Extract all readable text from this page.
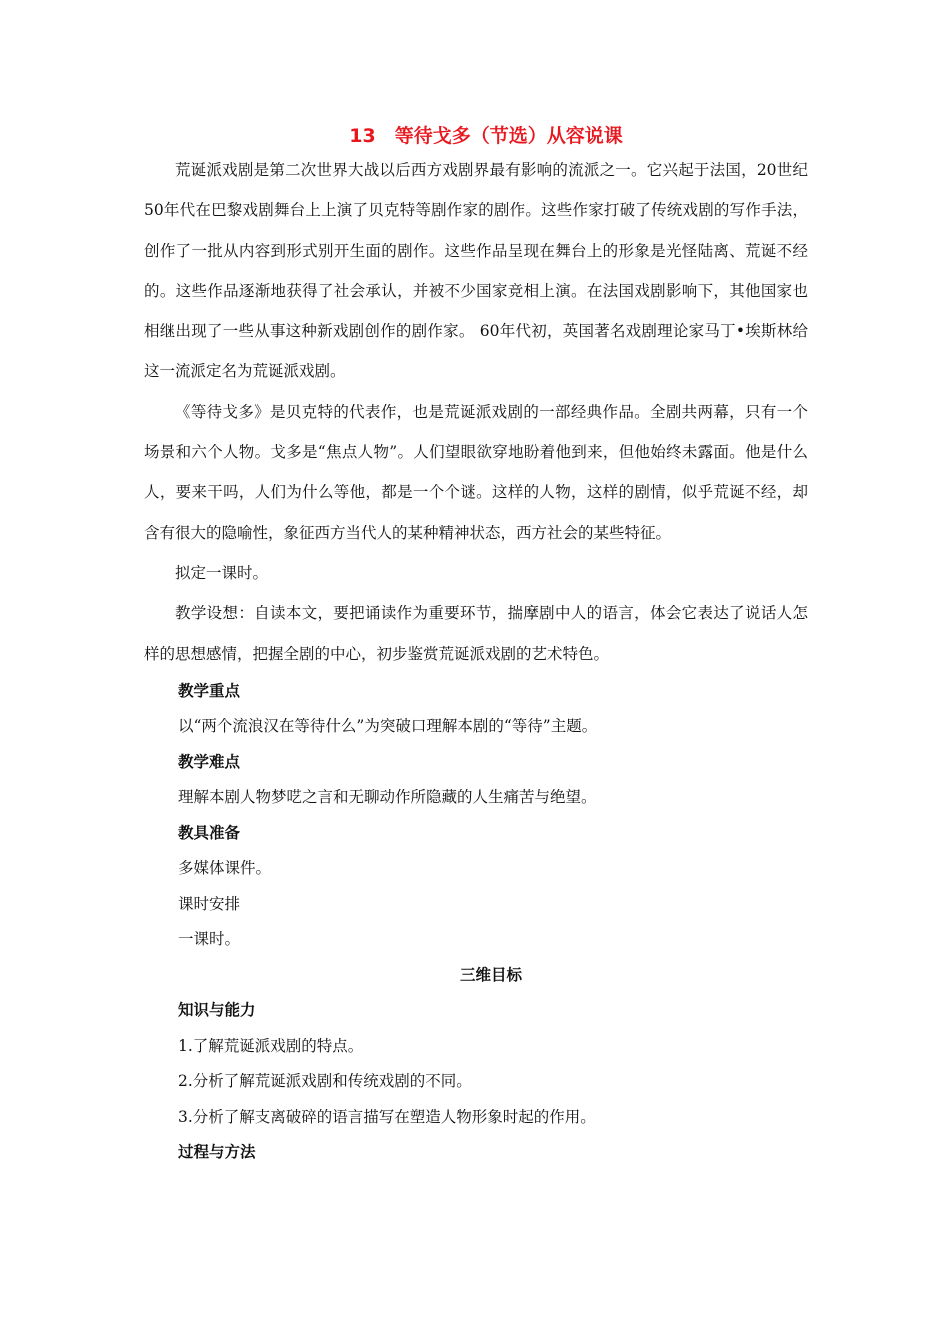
13　等待戈多（节选）从容说课

荒诞派戏剧是第二次世界大战以后西方戏剧界最有影响的流派之一。它兴起于法国，20世纪50年代在巴黎戏剧舞台上上演了贝克特等剧作家的剧作。这些作家打破了传统戏剧的写作手法，创作了一批从内容到形式别开生面的剧作。这些作品呈现在舞台上的形象是光怪陆离、荒诞不经的。这些作品逐渐地获得了社会承认，并被不少国家竞相上演。在法国戏剧影响下，其他国家也相继出现了一些从事这种新戏剧创作的剧作家。 60年代初，英国著名戏剧理论家马丁•埃斯林给这一流派定名为荒诞派戏剧。

《等待戈多》是贝克特的代表作，也是荒诞派戏剧的一部经典作品。全剧共两幕，只有一个场景和六个人物。戈多是“焦点人物”。人们望眼欲穿地盼着他到来，但他始终未露面。他是什么人，要来干吗，人们为什么等他，都是一个个谜。这样的人物，这样的剧情，似乎荒诞不经，却含有很大的隐喻性，象征西方当代人的某种精神状态，西方社会的某些特征。

拟定一课时。

教学设想：自读本文，要把诵读作为重要环节，揣摩剧中人的语言，体会它表达了说话人怎样的思想感情，把握全剧的中心，初步鉴赏荒诞派戏剧的艺术特色。

教学重点

以“两个流浪汉在等待什么”为突破口理解本剧的“等待”主题。

教学难点

理解本剧人物梦呓之言和无聊动作所隐藏的人生痛苦与绝望。

教具准备

多媒体课件。

课时安排

一课时。

三维目标

知识与能力

1.了解荒诞派戏剧的特点。

2.分析了解荒诞派戏剧和传统戏剧的不同。

3.分析了解支离破碎的语言描写在塑造人物形象时起的作用。

过程与方法
